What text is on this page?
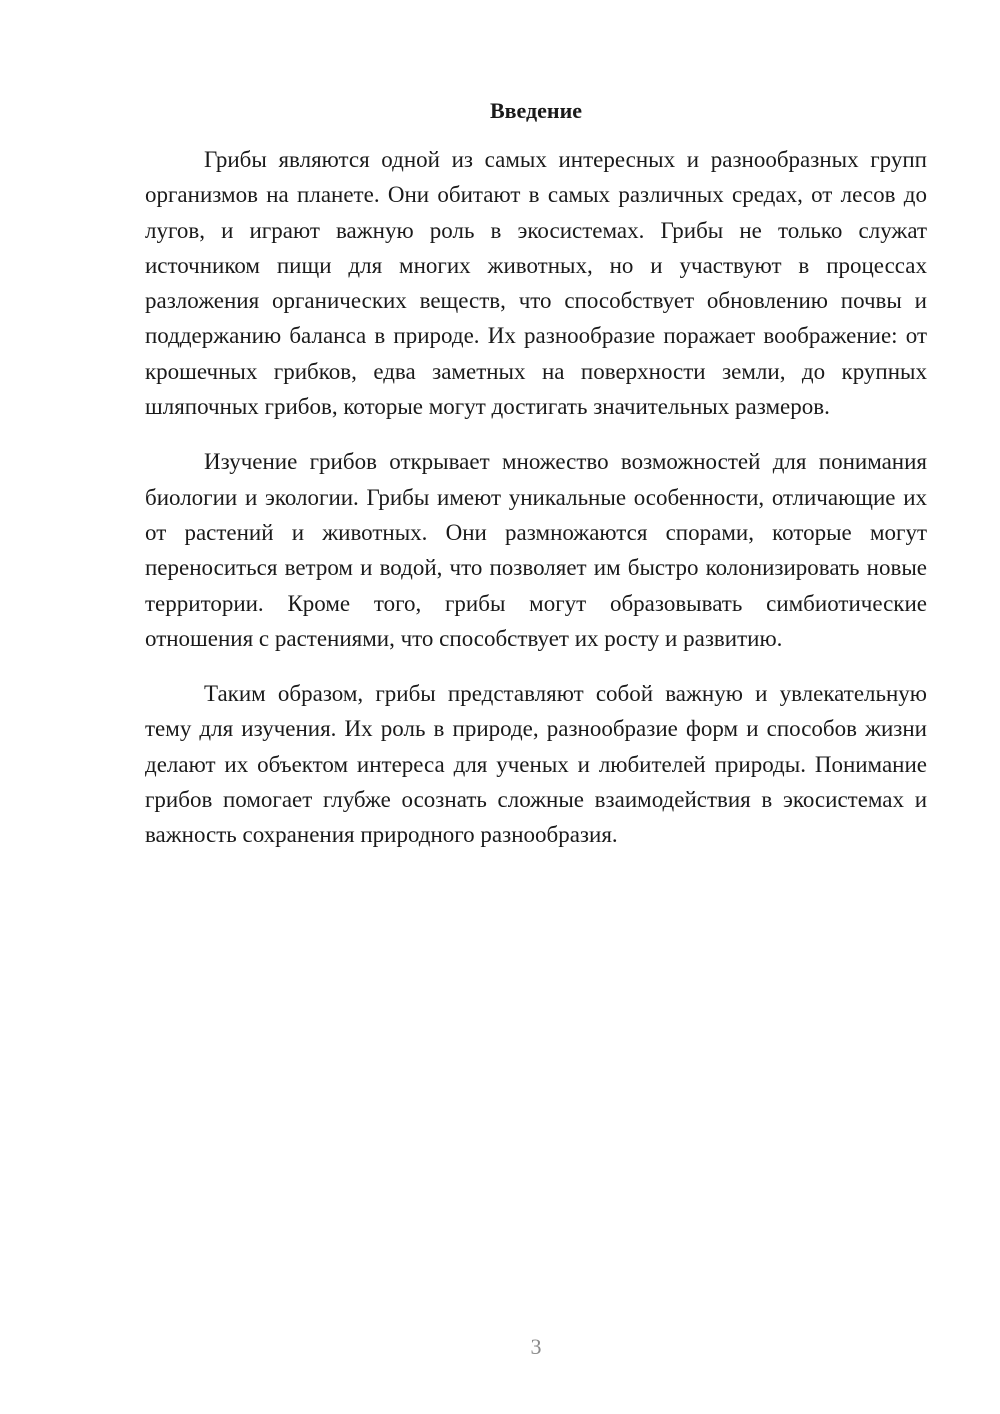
Введение

Грибы являются одной из самых интересных и разнообразных групп организмов на планете. Они обитают в самых различных средах, от лесов до лугов, и играют важную роль в экосистемах. Грибы не только служат источником пищи для многих животных, но и участвуют в процессах разложения органических веществ, что способствует обновлению почвы и поддержанию баланса в природе. Их разнообразие поражает воображение: от крошечных грибков, едва заметных на поверхности земли, до крупных шляпочных грибов, которые могут достигать значительных размеров.

Изучение грибов открывает множество возможностей для понимания биологии и экологии. Грибы имеют уникальные особенности, отличающие их от растений и животных. Они размножаются спорами, которые могут переноситься ветром и водой, что позволяет им быстро колонизировать новые территории. Кроме того, грибы могут образовывать симбиотические отношения с растениями, что способствует их росту и развитию.

Таким образом, грибы представляют собой важную и увлекательную тему для изучения. Их роль в природе, разнообразие форм и способов жизни делают их объектом интереса для ученых и любителей природы. Понимание грибов помогает глубже осознать сложные взаимодействия в экосистемах и важность сохранения природного разнообразия.

3
